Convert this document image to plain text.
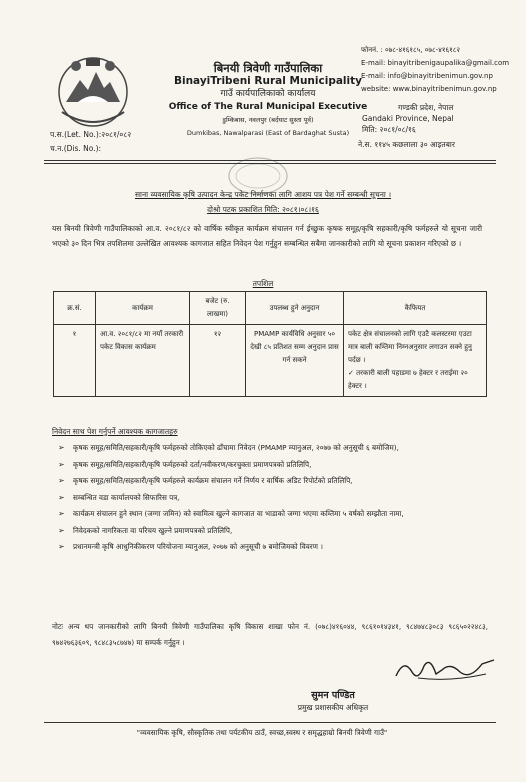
बिनयी त्रिवेणी गाउँपालिका
BinayiTribeni Rural Municipality
गाउँ कार्यपालिकाको कार्यालय
Office of The Rural Municipal Executive
डुम्किबास, नवलपुर (बर्दघाट सुस्ता पूर्व)
Dumkibas, Nawalparasi (East of Bardaghat Susta)
फोननं. : ०७८-४१६१८५, ०७८-४१६१८२
E-mail: binayitribenigaupalika@gmail.com
E-mail: info@binayitribenimun.gov.np
website: www.binayitribenimun.gov.np
गण्डकी प्रदेश, नेपाल
Gandaki Province, Nepal
मिति: २०८१/०८/१६
ने.स. ११४५ कछलाला ३० आइतबार
प.स.(Let. No.):२०८१/०८२
च.न.(Dis. No.):
साना व्यवसायिक कृषि उत्पादन केन्द्र पकेट निर्माणका लागि आशय पत्र पेश गर्ने सम्बन्धी सूचना ।
दोश्रो पटक प्रकाशित मिति: २०८१।०८।१६
यस बिनयी त्रिवेणी गाउँपालिकाको आ.व. २०८१/८२ को वार्षिक स्वीकृत कार्यक्रम संचालन गर्न ईच्छुक कृषक समूह/कृषि सहकारी/कृषि फर्महरुले यो सूचना जारी भएको ३० दिन भित्र तपशिलमा उल्लेखित आवश्यक कागजात सहित निवेदन पेश गर्नुहुन सम्बन्धित सबैमा जानकारीको लागि यो सूचना प्रकाशन गरिएको छ ।
तपशिल
क्र.सं.	कार्यक्रम	बजेट (रु. लाखमा)	उपलब्ध हुने अनुदान	कैफियत
१	आ.व. २०८१/८२ मा नयाँ तरकारी पकेट विकास कार्यक्रम	१२	PMAMP कार्यविधि अनुसार ५० देखी ८५ प्रतिशत सम्म अनुदान प्रास गर्न सकने	पकेट क्षेत्र संचालनको लागि एउटै कलस्टरमा एउटा मात्र बाली कम्तिमा निम्नअनुसार लगाउन सक्ने हुनु पर्दछ ।
✓ तरकारी बाली पहाडमा ७ हेक्टर र तराईमा २० हेक्टर ।
निवेदन साथ पेश गर्नुपर्ने आवश्यक कागजातहरु
➢ कृषक समूह/समिति/सहकारी/कृषि फर्महरुको तोकिएको ढाँचामा निवेदन (PMAMP म्यानुअल, २०७७ को अनुसूची ६ बमोजिम),
➢ कृषक समूह/समिति/सहकारी/कृषि फर्महरुको दर्ता/नवीकरण/करचुक्ता प्रमाणपत्रको प्रतिलिपि,
➢ कृषक समूह/समिति/सहकारी/कृषि फर्महरुले कार्यक्रम संचालन गर्ने निर्णय र वार्षिक अडिट रिपोर्टको प्रतिलिपि,
➢ सम्बन्धित वडा कार्यालयको सिफारिस पत्र,
➢ कार्यक्रम संचालन हुने स्थान (जग्गा जमिन) को स्वामित्व खुल्ने कागजात वा भाडाको जग्गा भएमा कम्तिमा ५ वर्षको सम्झौता नामा,
➢ निवेदकको नागरिकता वा परिचय खुल्ने प्रमाणपत्रको प्रतिलिपि,
➢ प्रधानमन्त्री कृषि आधुनिकीकरण परियोजना म्यानुअल, २०७७ को अनुसूची ७ बमोजिमको विवरण ।
नोटः अन्य थप जानकारीको लागि बिनयी त्रिवेणी गाउँपालिका कृषि विकास शाखा फोन नं. (०७८)४१६०४४, ९८६१०१४३४१, ९८४७४८३०८३ ९८६५०२२४८३, ९७४२७६३६०९, ९८४८३५८७४७) मा सम्पर्क गर्नुहुन ।
सुमन पण्डित
प्रमुख प्रशासकीय अधिकृत
"व्यवसायिक कृषि, सौस्कृतिक तथा पर्यटकीय ठाउँ, स्वच्छ,स्वस्थ र समृद्धहाम्रो बिनयी त्रिवेणी गाउँ"
